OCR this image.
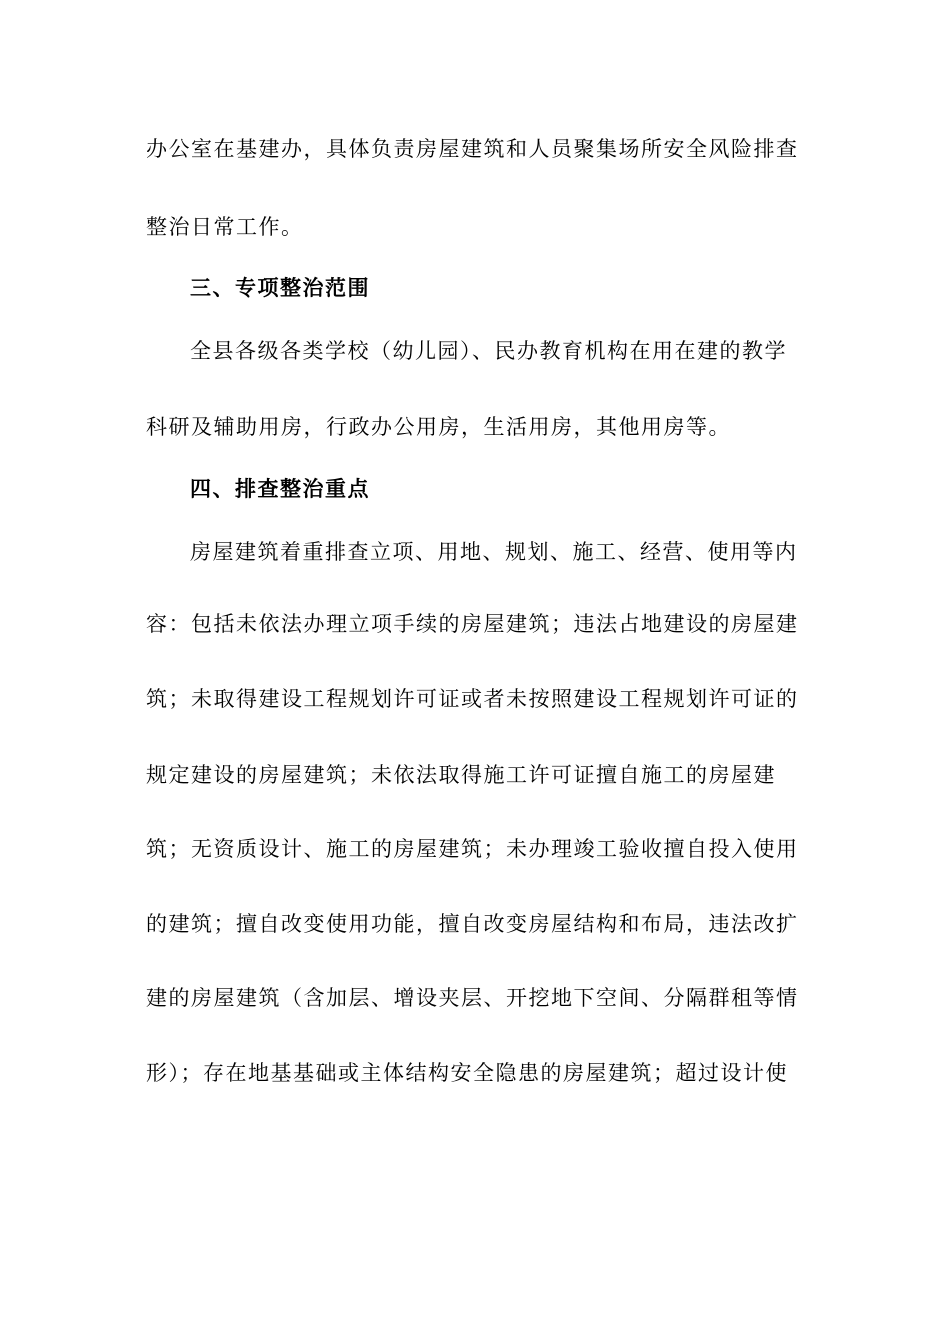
办公室在基建办，具体负责房屋建筑和人员聚集场所安全风险排查
整治日常工作。
三、专项整治范围
全县各级各类学校（幼儿园）、民办教育机构在用在建的教学
科研及辅助用房，行政办公用房，生活用房，其他用房等。
四、排查整治重点
房屋建筑着重排查立项、用地、规划、施工、经营、使用等内
容：包括未依法办理立项手续的房屋建筑；违法占地建设的房屋建
筑；未取得建设工程规划许可证或者未按照建设工程规划许可证的
规定建设的房屋建筑；未依法取得施工许可证擅自施工的房屋建
筑；无资质设计、施工的房屋建筑；未办理竣工验收擅自投入使用
的建筑；擅自改变使用功能，擅自改变房屋结构和布局，违法改扩
建的房屋建筑（含加层、增设夹层、开挖地下空间、分隔群租等情
形）；存在地基基础或主体结构安全隐患的房屋建筑；超过设计使
